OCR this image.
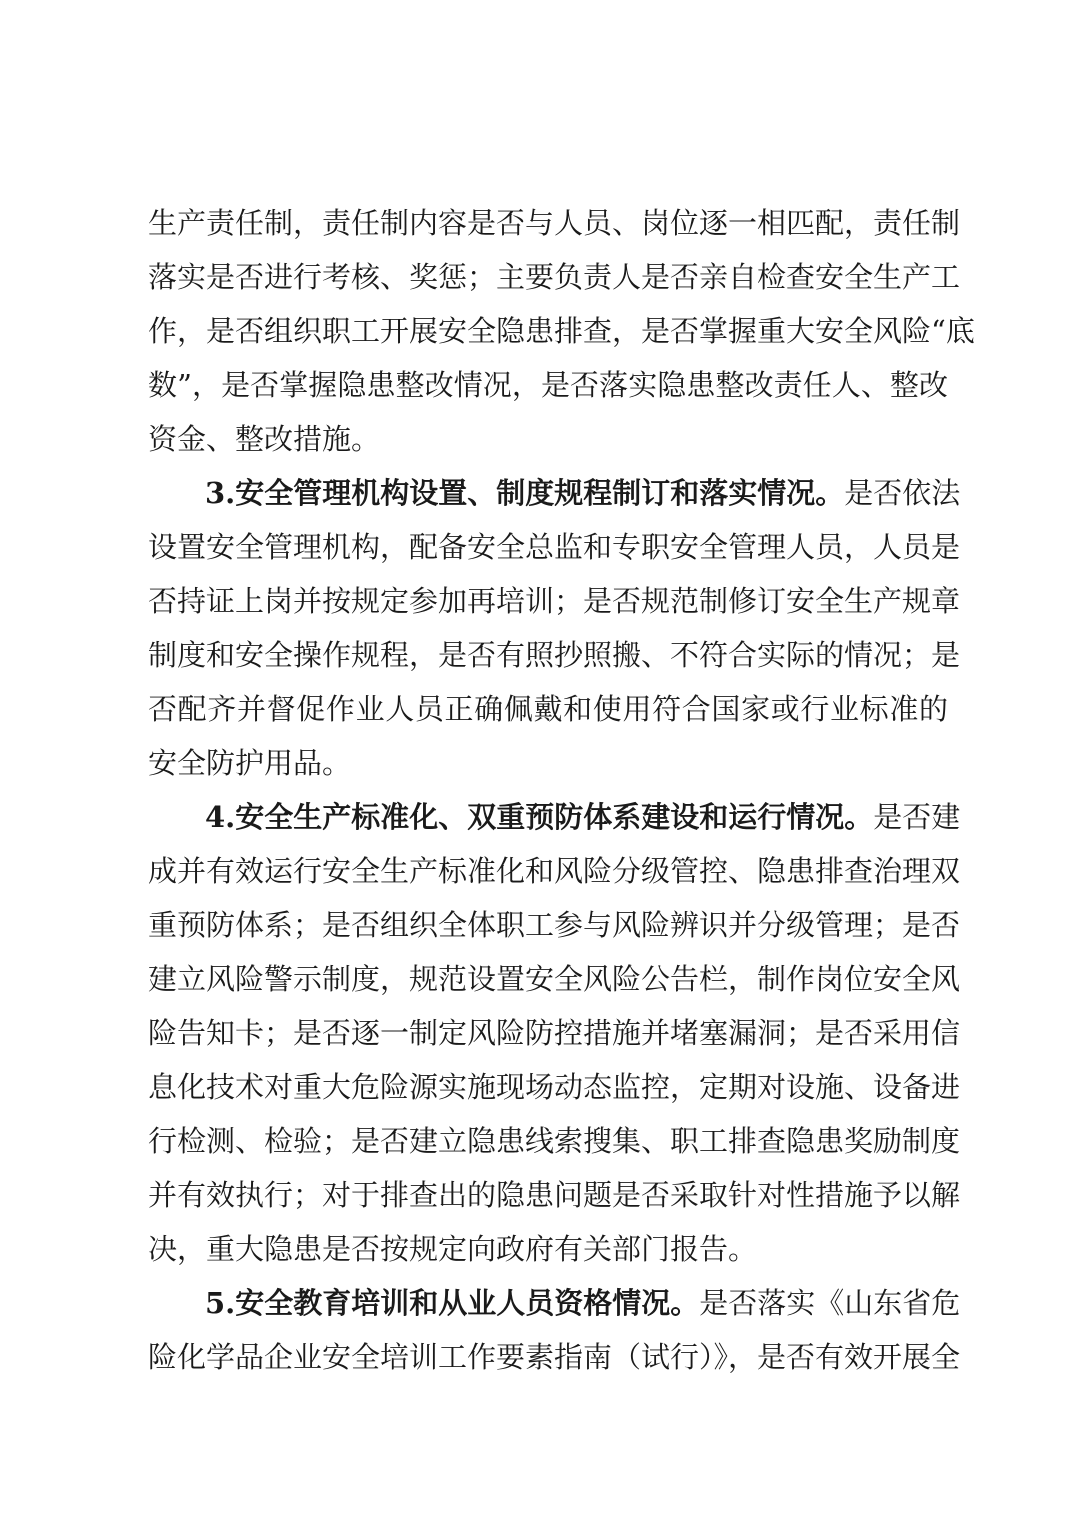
生产责任制，责任制内容是否与人员、岗位逐一相匹配，责任制
落实是否进行考核、奖惩；主要负责人是否亲自检查安全生产工
作，是否组织职工开展安全隐患排查，是否掌握重大安全风险“底
数”，是否掌握隐患整改情况，是否落实隐患整改责任人、整改
资金、整改措施。
3.安全管理机构设置、制度规程制订和落实情况。是否依法
设置安全管理机构，配备安全总监和专职安全管理人员，人员是
否持证上岗并按规定参加再培训；是否规范制修订安全生产规章
制度和安全操作规程，是否有照抄照搬、不符合实际的情况；是
否配齐并督促作业人员正确佩戴和使用符合国家或行业标准的
安全防护用品。
4.安全生产标准化、双重预防体系建设和运行情况。是否建
成并有效运行安全生产标准化和风险分级管控、隐患排查治理双
重预防体系；是否组织全体职工参与风险辨识并分级管理；是否
建立风险警示制度，规范设置安全风险公告栏，制作岗位安全风
险告知卡；是否逐一制定风险防控措施并堵塞漏洞；是否采用信
息化技术对重大危险源实施现场动态监控，定期对设施、设备进
行检测、检验；是否建立隐患线索搜集、职工排查隐患奖励制度
并有效执行；对于排查出的隐患问题是否采取针对性措施予以解
决，重大隐患是否按规定向政府有关部门报告。
5.安全教育培训和从业人员资格情况。是否落实《山东省危
险化学品企业安全培训工作要素指南（试行）》，是否有效开展全
